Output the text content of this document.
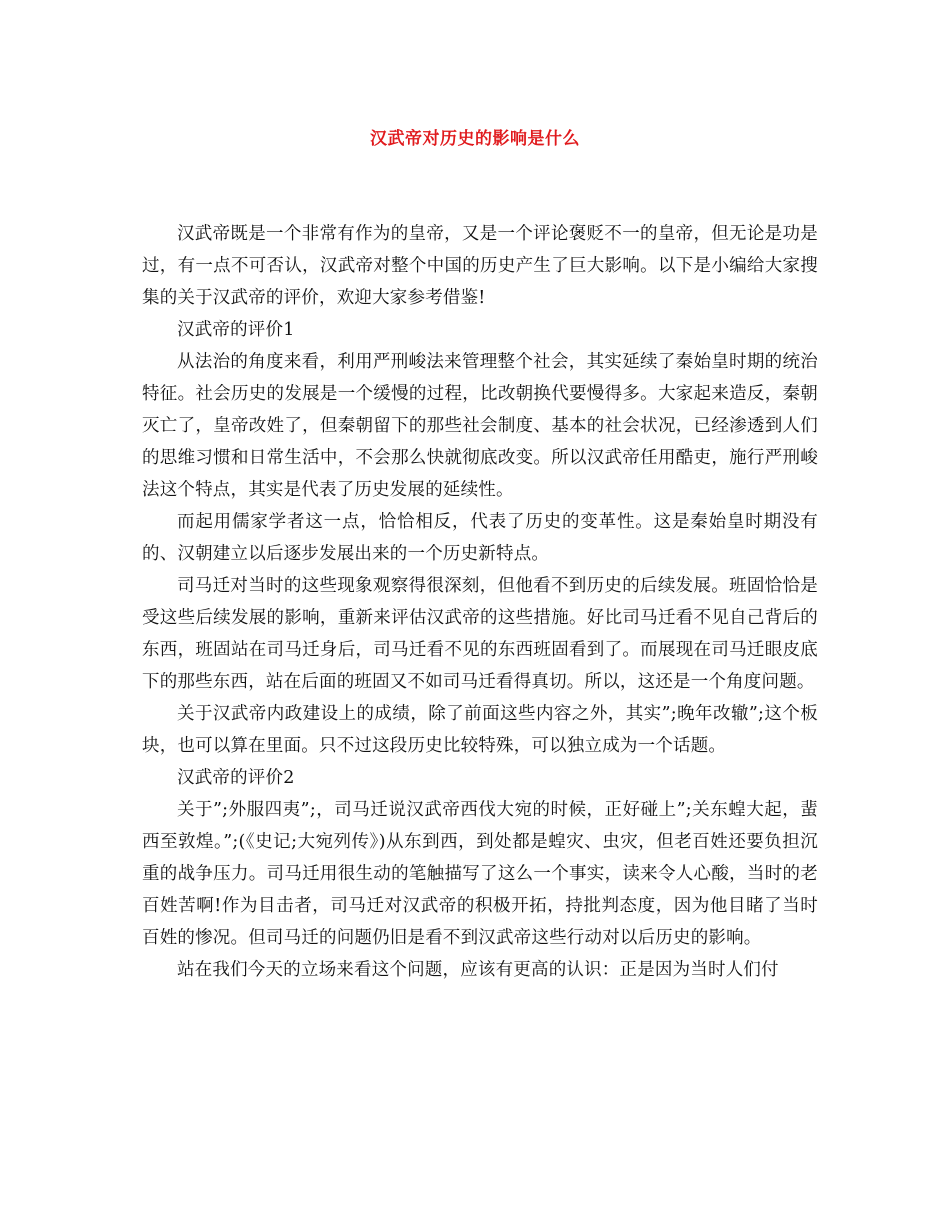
汉武帝对历史的影响是什么

汉武帝既是一个非常有作为的皇帝，又是一个评论褒贬不一的皇帝，但无论是功是过，有一点不可否认，汉武帝对整个中国的历史产生了巨大影响。以下是小编给大家搜集的关于汉武帝的评价，欢迎大家参考借鉴!

汉武帝的评价1

从法治的角度来看，利用严刑峻法来管理整个社会，其实延续了秦始皇时期的统治特征。社会历史的发展是一个缓慢的过程，比改朝换代要慢得多。大家起来造反，秦朝灭亡了，皇帝改姓了，但秦朝留下的那些社会制度、基本的社会状况，已经渗透到人们的思维习惯和日常生活中，不会那么快就彻底改变。所以汉武帝任用酷吏，施行严刑峻法这个特点，其实是代表了历史发展的延续性。

而起用儒家学者这一点，恰恰相反，代表了历史的变革性。这是秦始皇时期没有的、汉朝建立以后逐步发展出来的一个历史新特点。

司马迁对当时的这些现象观察得很深刻，但他看不到历史的后续发展。班固恰恰是受这些后续发展的影响，重新来评估汉武帝的这些措施。好比司马迁看不见自己背后的东西，班固站在司马迁身后，司马迁看不见的东西班固看到了。而展现在司马迁眼皮底下的那些东西，站在后面的班固又不如司马迁看得真切。所以，这还是一个角度问题。

关于汉武帝内政建设上的成绩，除了前面这些内容之外，其实”;晚年改辙”;这个板块，也可以算在里面。只不过这段历史比较特殊，可以独立成为一个话题。

汉武帝的评价2

关于”;外服四夷”;，司马迁说汉武帝西伐大宛的时候，正好碰上”;关东蝗大起，蜚西至敦煌。”;(《史记;大宛列传》)从东到西，到处都是蝗灾、虫灾，但老百姓还要负担沉重的战争压力。司马迁用很生动的笔触描写了这么一个事实，读来令人心酸，当时的老百姓苦啊!作为目击者，司马迁对汉武帝的积极开拓，持批判态度，因为他目睹了当时百姓的惨况。但司马迁的问题仍旧是看不到汉武帝这些行动对以后历史的影响。

站在我们今天的立场来看这个问题，应该有更高的认识：正是因为当时人们付
